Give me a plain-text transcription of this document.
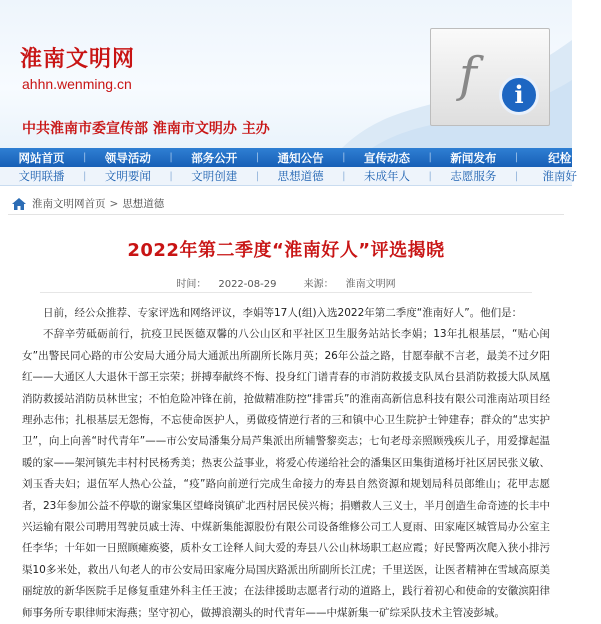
淮南文明网
ahhn.wenming.cn
中共淮南市委宣传部 淮南市文明办 主办
f	i
网站首页	|	领导活动	|	部务公开	|	通知公告	|	宣传动态	|	新闻发布	|	纪检
文明联播	|	文明要闻	|	文明创建	|	思想道德	|	未成年人	|	志愿服务	|	淮南好
淮南文明网首页 > 思想道德
2022年第二季度“淮南好人”评选揭晓
时间： 2022-08-29	来源： 淮南文明网

日前，经公众推荐、专家评选和网络评议，李娟等17人(组)入选2022年第二季度“淮南好人”。他们是：

不辞辛劳砥砺前行，抗疫卫民医德双馨的八公山区和平社区卫生服务站站长李娟；13年扎根基层，“贴心闺女”出警民同心路的市公安局大通分局大通派出所副所长陈月英；26年公益之路，甘愿奉献不言老，最美不过夕阳红——大通区人大退休干部王宗荣；拼搏奉献终不悔、投身红门谱青春的市消防救援支队凤台县消防救援大队凤凰消防救援站消防员林世宝；不怕危险冲锋在前，抢做精准防控“排雷兵”的淮南高新信息科技有限公司淮南站项目经理孙志伟；扎根基层无怨悔，不忘使命医护人，勇做疫情逆行者的三和镇中心卫生院护士钟建春；群众的“忠实护卫”，向上向善“时代青年”——市公安局潘集分局芦集派出所辅警黎奕志；七旬老母亲照顾残疾儿子，用爱撑起温暖的家——架河镇先丰村村民杨秀美；热衷公益事业，将爱心传递给社会的潘集区田集街道杨圩社区居民张义敏、刘玉香夫妇；退伍军人热心公益，“疫”路向前逆行完成生命接力的寿县自然资源和规划局科员郎维山；花甲志愿者，23年参加公益不停歇的谢家集区望峰岗镇矿北西村居民侯兴梅；捐赠救人三义士，半月创造生命奇迹的长丰中兴运输有限公司聘用驾驶员戚士涛、中煤新集能源股份有限公司设备维修公司工人夏雨、田家庵区城管局办公室主任李华；十年如一日照顾瘫痪婆，质朴女工诠释人间大爱的寿县八公山林场职工赵应霞；好民警两次爬入狭小排污渠10多米处，救出八旬老人的市公安局田家庵分局国庆路派出所副所长江虎；千里送医，让医者精神在雪域高原美丽绽放的新华医院手足修复重建外科主任王波；在法律援助志愿者行动的道路上，践行着初心和使命的安徽滨阳律师事务所专职律师宋海燕；坚守初心，做搏浪潮头的时代青年——中煤新集一矿综采队技术主管凌彭城。
